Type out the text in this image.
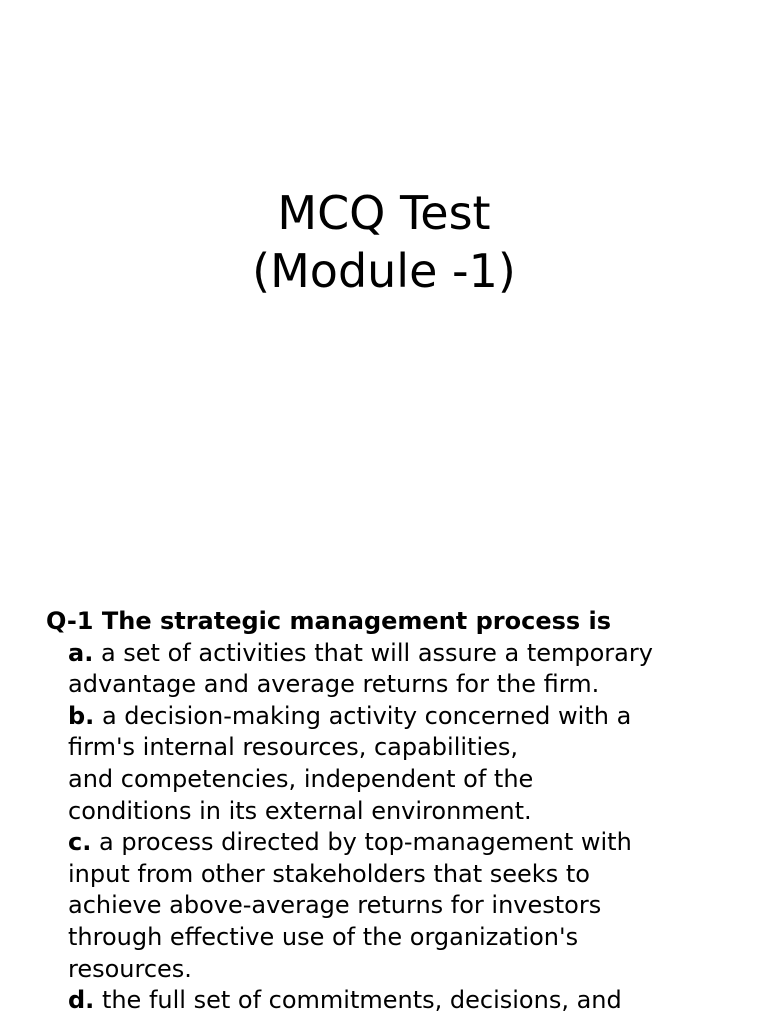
MCQ Test
(Module -1)

Q-1 The strategic management process is

a. a set of activities that will assure a temporary
advantage and average returns for the firm.
b. a decision-making activity concerned with a
firm's internal resources, capabilities,
and competencies, independent of the
conditions in its external environment.
c. a process directed by top-management with
input from other stakeholders that seeks to
achieve above-average returns for investors
through effective use of the organization's
resources.
d. the full set of commitments, decisions, and
